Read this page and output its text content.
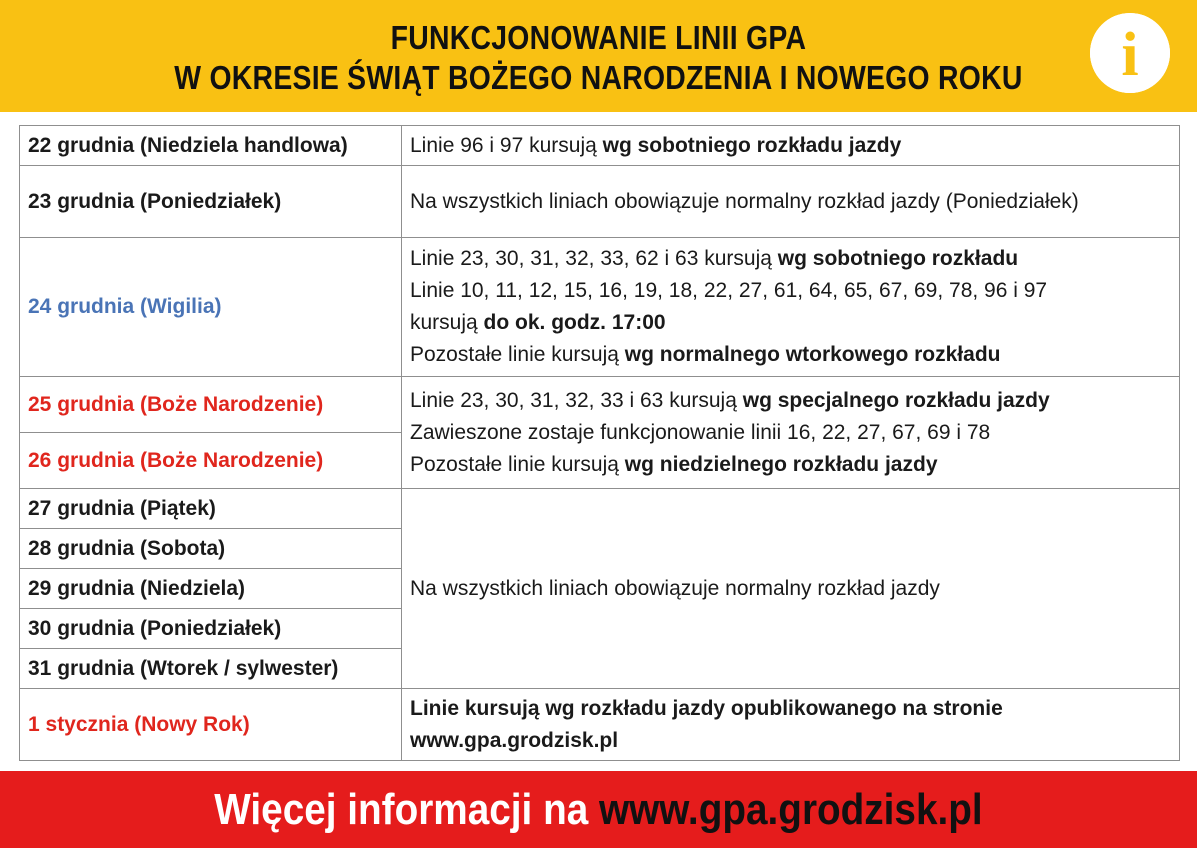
FUNKCJONOWANIE LINII GPA
W OKRESIE ŚWIĄT BOŻEGO NARODZENIA I NOWEGO ROKU	i
22 grudnia (Niedziela handlowa)	Linie 96 i 97 kursują wg sobotniego rozkładu jazdy

23 grudnia (Poniedziałek)	Na wszystkich liniach obowiązuje normalny rozkład jazdy (Poniedziałek)

24 grudnia (Wigilia)	Linie 23, 30, 31, 32, 33, 62 i 63 kursują wg sobotniego rozkładu
Linie 10, 11, 12, 15, 16, 19, 18, 22, 27, 61, 64, 65, 67, 69, 78, 96 i 97
kursują do ok. godz. 17:00
Pozostałe linie kursują wg normalnego wtorkowego rozkładu

25 grudnia (Boże Narodzenie)	Linie 23, 30, 31, 32, 33 i 63 kursują wg specjalnego rozkładu jazdy
Zawieszone zostaje funkcjonowanie linii 16, 22, 27, 67, 69 i 78
Pozostałe linie kursują wg niedzielnego rozkładu jazdy

26 grudnia (Boże Narodzenie)	
27 grudnia (Piątek)	Na wszystkich liniach obowiązuje normalny rozkład jazdy

28 grudnia (Sobota)	
29 grudnia (Niedziela)	
30 grudnia (Poniedziałek)	
31 grudnia (Wtorek / sylwester)	
1 stycznia (Nowy Rok)	Linie kursują wg rozkładu jazdy opublikowanego na stronie
www.gpa.grodzisk.pl
Więcej informacji na www.gpa.grodzisk.pl
